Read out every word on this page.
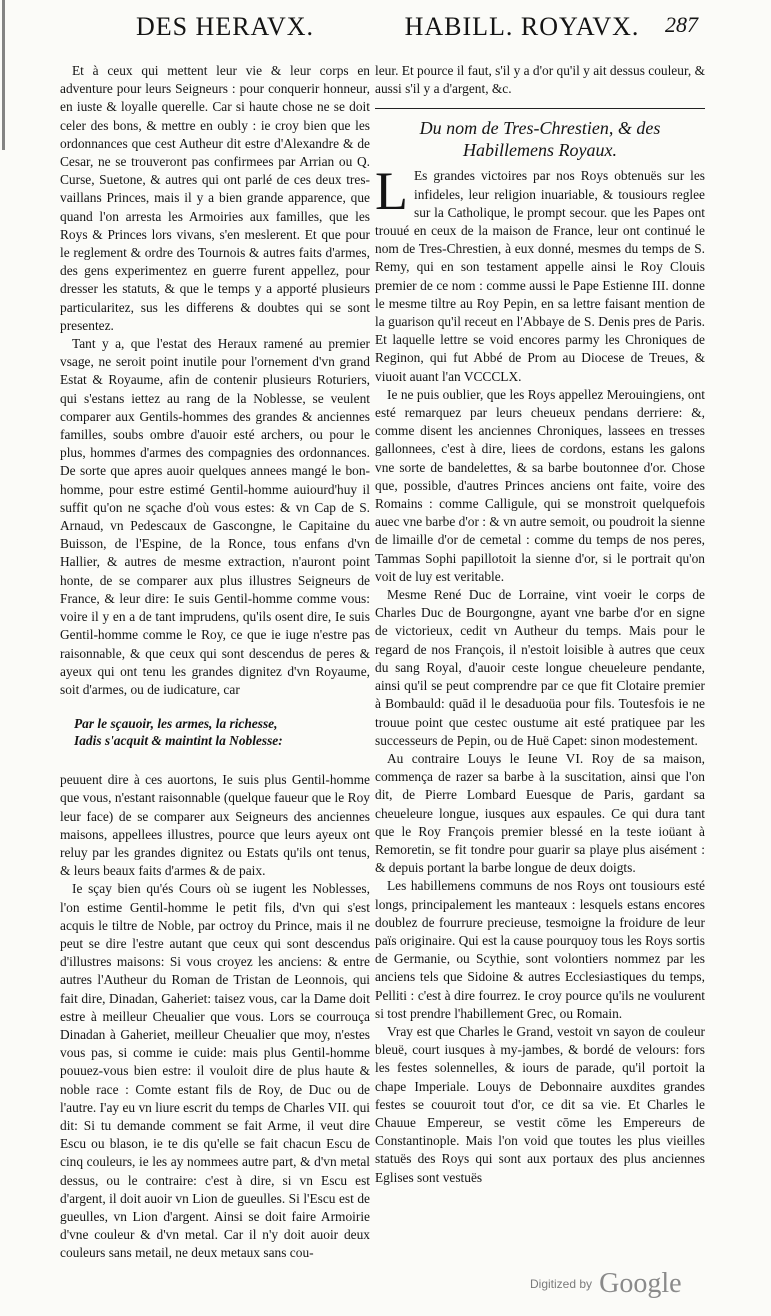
DES HERAVX.	HABILL. ROYAVX.	287

Et à ceux qui mettent leur vie & leur corps en adventure pour leurs Seigneurs : pour conquerir honneur, en iuste & loyalle querelle. Car si haute chose ne se doit celer des bons, & mettre en oubly : ie croy bien que les ordonnances que cest Autheur dit estre d'Alexandre & de Cesar, ne se trouveront pas confirmees par Arrian ou Q. Curse, Suetone, & autres qui ont parlé de ces deux tres-vaillans Princes, mais il y a bien grande apparence, que quand l'on arresta les Armoiries aux familles, que les Roys & Princes lors vivans, s'en meslerent. Et que pour le reglement & ordre des Tournois & autres faits d'armes, des gens experimentez en guerre furent appellez, pour dresser les statuts, & que le temps y a apporté plusieurs particularitez, sus les differens & doubtes qui se sont presentez.

Tant y a, que l'estat des Heraux ramené au premier vsage, ne seroit point inutile pour l'ornement d'vn grand Estat & Royaume, afin de contenir plusieurs Roturiers, qui s'estans iettez au rang de la Noblesse, se veulent comparer aux Gentils-hommes des grandes & anciennes familles, soubs ombre d'auoir esté archers, ou pour le plus, hommes d'armes des compagnies des ordonnances. De sorte que apres auoir quelques annees mangé le bon-homme, pour estre estimé Gentil-homme auiourd'huy il suffit qu'on ne sçache d'où vous estes: & vn Cap de S. Arnaud, vn Pedescaux de Gascongne, le Capitaine du Buisson, de l'Espine, de la Ronce, tous enfans d'vn Hallier, & autres de mesme extraction, n'auront point honte, de se comparer aux plus illustres Seigneurs de France, & leur dire: Ie suis Gentil-homme comme vous: voire il y en a de tant imprudens, qu'ils osent dire, Ie suis Gentil-homme comme le Roy, ce que ie iuge n'estre pas raisonnable, & que ceux qui sont descendus de peres & ayeux qui ont tenu les grandes dignitez d'vn Royaume, soit d'armes, ou de iudicature, car

Par le sçauoir, les armes, la richesse,
Iadis s'acquit & maintint la Noblesse:

peuuent dire à ces auortons, Ie suis plus Gentil-homme que vous, n'estant raisonnable (quelque faueur que le Roy leur face) de se comparer aux Seigneurs des anciennes maisons, appellees illustres, pource que leurs ayeux ont reluy par les grandes dignitez ou Estats qu'ils ont tenus, & leurs beaux faits d'armes & de paix.

Ie sçay bien qu'és Cours où se iugent les Noblesses, l'on estime Gentil-homme le petit fils, d'vn qui s'est acquis le tiltre de Noble, par octroy du Prince, mais il ne peut se dire l'estre autant que ceux qui sont descendus d'illustres maisons: Si vous croyez les anciens: & entre autres l'Autheur du Roman de Tristan de Leonnois, qui fait dire, Dinadan, Gaheriet: taisez vous, car la Dame doit estre à meilleur Cheualier que vous. Lors se courrouça Dinadan à Gaheriet, meilleur Cheualier que moy, n'estes vous pas, si comme ie cuide: mais plus Gentil-homme pouuez-vous bien estre: il vouloit dire de plus haute & noble race : Comte estant fils de Roy, de Duc ou de l'autre. I'ay eu vn liure escrit du temps de Charles VII. qui dit: Si tu demande comment se fait Arme, il veut dire Escu ou blason, ie te dis qu'elle se fait chacun Escu de cinq couleurs, ie les ay nommees autre part, & d'vn metal dessus, ou le contraire: c'est à dire, si vn Escu est d'argent, il doit auoir vn Lion de gueulles. Si l'Escu est de gueulles, vn Lion d'argent. Ainsi se doit faire Armoirie d'vne couleur & d'vn metal. Car il n'y doit auoir deux couleurs sans metail, ne deux metaux sans cou-

leur. Et pource il faut, s'il y a d'or qu'il y ait dessus couleur, & aussi s'il y a d'argent, &c.

Du nom de Tres-Chrestien, & des Habillemens Royaux.

L Es grandes victoires par nos Roys obtenuës sur les infideles, leur religion inuariable, & tousiours reglee sur la Catholique, le prompt secour. que les Papes ont trouué en ceux de la maison de France, leur ont continué le nom de Tres-Chrestien, à eux donné, mesmes du temps de S. Remy, qui en son testament appelle ainsi le Roy Clouis premier de ce nom : comme aussi le Pape Estienne III. donne le mesme tiltre au Roy Pepin, en sa lettre faisant mention de la guarison qu'il receut en l'Abbaye de S. Denis pres de Paris. Et laquelle lettre se void encores parmy les Chroniques de Reginon, qui fut Abbé de Prom au Diocese de Treues, & viuoit auant l'an VCCCLX.

Ie ne puis oublier, que les Roys appellez Merouingiens, ont esté remarquez par leurs cheueux pendans derriere: &, comme disent les anciennes Chroniques, lassees en tresses gallonnees, c'est à dire, liees de cordons, estans les galons vne sorte de bandelettes, & sa barbe boutonnee d'or. Chose que, possible, d'autres Princes anciens ont faite, voire des Romains : comme Calligule, qui se monstroit quelquefois auec vne barbe d'or : & vn autre semoit, ou poudroit la sienne de limaille d'or de cemetal : comme du temps de nos peres, Tammas Sophi papillotoit la sienne d'or, si le portrait qu'on voit de luy est veritable.

Mesme René Duc de Lorraine, vint voeir le corps de Charles Duc de Bourgongne, ayant vne barbe d'or en signe de victorieux, cedit vn Autheur du temps. Mais pour le regard de nos François, il n'estoit loisible à autres que ceux du sang Royal, d'auoir ceste longue cheueleure pendante, ainsi qu'il se peut comprendre par ce que fit Clotaire premier à Bombauld: quād il le desaduoüa pour fils. Toutesfois ie ne trouue point que cestec oustume ait esté pratiquee par les successeurs de Pepin, ou de Huë Capet: sinon modestement.

Au contraire Louys le Ieune VI. Roy de sa maison, commença de razer sa barbe à la suscitation, ainsi que l'on dit, de Pierre Lombard Euesque de Paris, gardant sa cheueleure longue, iusques aux espaules. Ce qui dura tant que le Roy François premier blessé en la teste ioüant à Remoretin, se fit tondre pour guarir sa playe plus aisément : & depuis portant la barbe longue de deux doigts.

Les habillemens communs de nos Roys ont tousiours esté longs, principalement les manteaux : lesquels estans encores doublez de fourrure precieuse, tesmoigne la froidure de leur païs originaire. Qui est la cause pourquoy tous les Roys sortis de Germanie, ou Scythie, sont volontiers nommez par les anciens tels que Sidoine & autres Ecclesiastiques du temps, Pelliti : c'est à dire fourrez. Ie croy pource qu'ils ne voulurent si tost prendre l'habillement Grec, ou Romain.

Vray est que Charles le Grand, vestoit vn sayon de couleur bleuë, court iusques à my-jambes, & bordé de velours: fors les festes solennelles, & iours de parade, qu'il portoit la chape Imperiale. Louys de Debonnaire auxdites grandes festes se couuroit tout d'or, ce dit sa vie. Et Charles le Chauue Empereur, se vestit cōme les Empereurs de Constantinople. Mais l'on void que toutes les plus vieilles statuës des Roys qui sont aux portaux des plus anciennes Eglises sont vestuës

Digitized by Google
